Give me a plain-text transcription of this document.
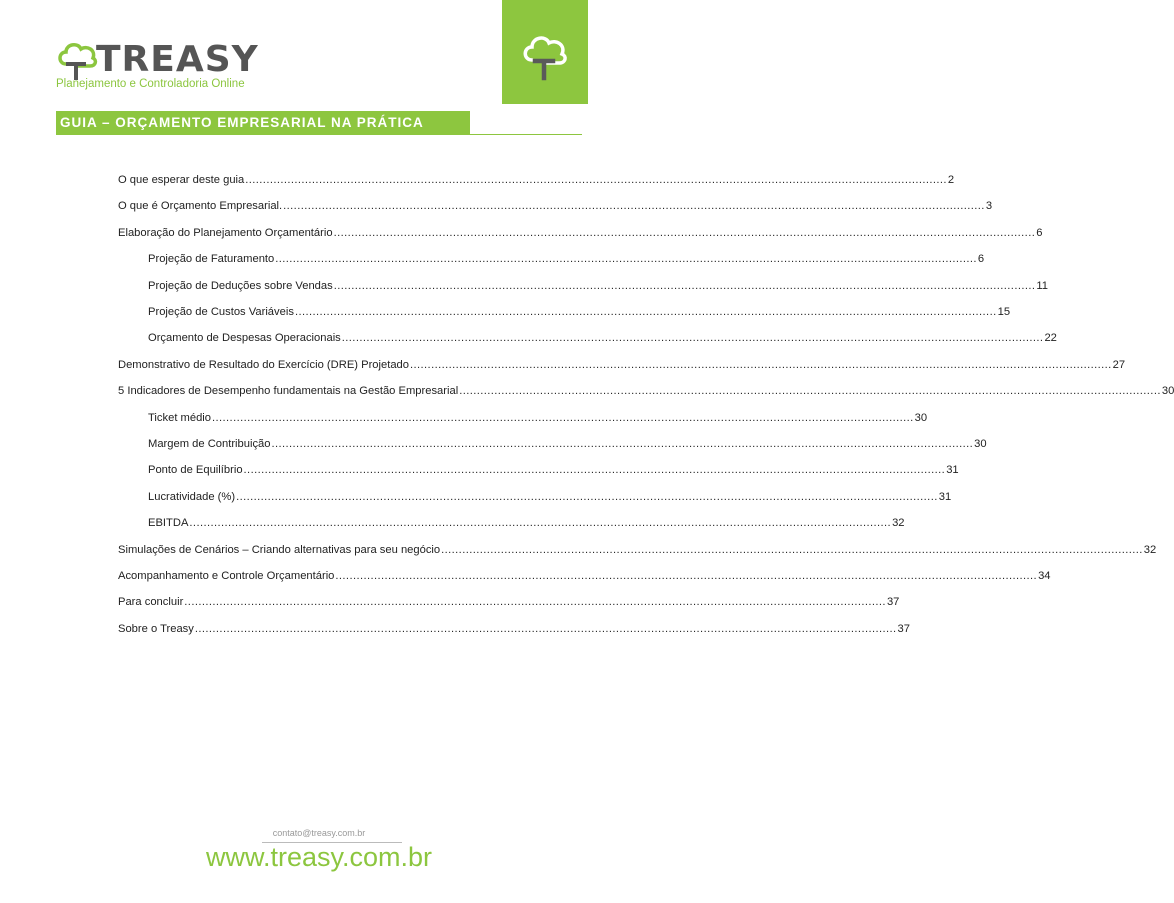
TREASY
Planejamento e Controladoria Online
GUIA – ORÇAMENTO EMPRESARIAL NA PRÁTICA
O que esperar deste guia ........................................................................................................................................................................................................ 2
O que é Orçamento Empresarial. ........................................................................................................................................................................................................ 3
Elaboração do Planejamento Orçamentário ........................................................................................................................................................................................................ 6
Projeção de Faturamento ........................................................................................................................................................................................................ 6
Projeção de Deduções sobre Vendas ........................................................................................................................................................................................................ 11
Projeção de Custos Variáveis ........................................................................................................................................................................................................ 15
Orçamento de Despesas Operacionais ........................................................................................................................................................................................................ 22
Demonstrativo de Resultado do Exercício (DRE) Projetado ........................................................................................................................................................................................................ 27
5 Indicadores de Desempenho fundamentais na Gestão Empresarial ........................................................................................................................................................................................................ 30
Ticket médio ........................................................................................................................................................................................................ 30
Margem de Contribuição ........................................................................................................................................................................................................ 30
Ponto de Equilíbrio ........................................................................................................................................................................................................ 31
Lucratividade (%) ........................................................................................................................................................................................................ 31
EBITDA ........................................................................................................................................................................................................ 32
Simulações de Cenários – Criando alternativas para seu negócio ........................................................................................................................................................................................................ 32
Acompanhamento e Controle Orçamentário ........................................................................................................................................................................................................ 34
Para concluir ........................................................................................................................................................................................................ 37
Sobre o Treasy ........................................................................................................................................................................................................ 37
contato@treasy.com.br
www.treasy.com.br
